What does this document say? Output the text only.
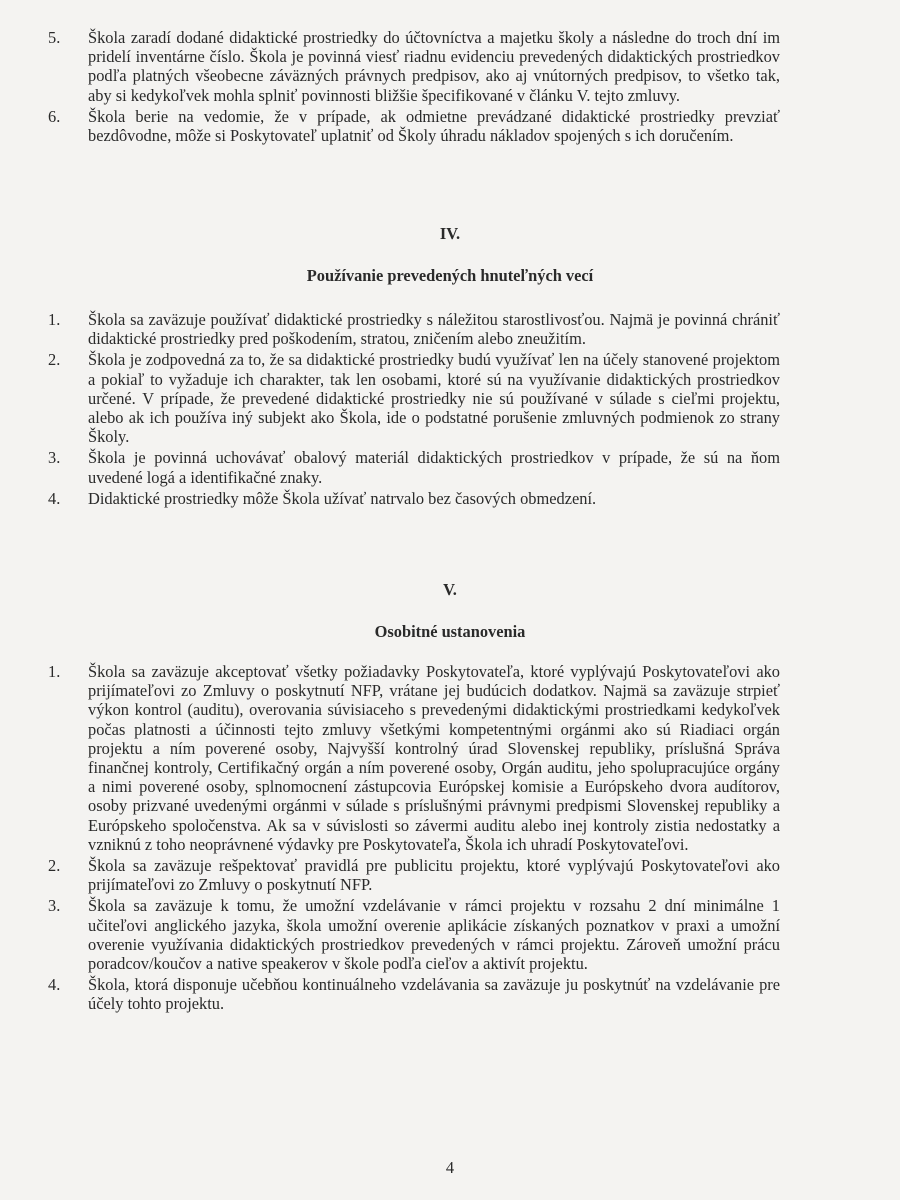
5. Škola zaradí dodané didaktické prostriedky do účtovníctva a majetku školy a následne do troch dní im pridelí inventárne číslo. Škola je povinná viesť riadnu evidenciu prevedených didaktických prostriedkov podľa platných všeobecne záväzných právnych predpisov, ako aj vnútorných predpisov, to všetko tak, aby si kedykoľvek mohla splniť povinnosti bližšie špecifikované v článku V. tejto zmluvy.
6. Škola berie na vedomie, že v prípade, ak odmietne prevádzané didaktické prostriedky prevziať bezdôvodne, môže si Poskytovateľ uplatniť od Školy úhradu nákladov spojených s ich doručením.
IV.
Používanie prevedených hnuteľných vecí
1. Škola sa zaväzuje používať didaktické prostriedky s náležitou starostlivosťou. Najmä je povinná chrániť didaktické prostriedky pred poškodením, stratou, zničením alebo zneužitím.
2. Škola je zodpovedná za to, že sa didaktické prostriedky budú využívať len na účely stanovené projektom a pokiaľ to vyžaduje ich charakter, tak len osobami, ktoré sú na využívanie didaktických prostriedkov určené. V prípade, že prevedené didaktické prostriedky nie sú používané v súlade s cieľmi projektu, alebo ak ich používa iný subjekt ako Škola, ide o podstatné porušenie zmluvných podmienok zo strany Školy.
3. Škola je povinná uchovávať obalový materiál didaktických prostriedkov v prípade, že sú na ňom uvedené logá a identifikačné znaky.
4. Didaktické prostriedky môže Škola užívať natrvalo bez časových obmedzení.
V.
Osobitné ustanovenia
1. Škola sa zaväzuje akceptovať všetky požiadavky Poskytovateľa, ktoré vyplývajú Poskytovateľovi ako prijímateľovi zo Zmluvy o poskytnutí NFP, vrátane jej budúcich dodatkov. Najmä sa zaväzuje strpieť výkon kontrol (auditu), overovania súvisiaceho s prevedenými didaktickými prostriedkami kedykoľvek počas platnosti a účinnosti tejto zmluvy všetkými kompetentnými orgánmi ako sú Riadiaci orgán projektu a ním poverené osoby, Najvyšší kontrolný úrad Slovenskej republiky, príslušná Správa finančnej kontroly, Certifikačný orgán a ním poverené osoby, Orgán auditu, jeho spolupracujúce orgány a nimi poverené osoby, splnomocnení zástupcovia Európskej komisie a Európskeho dvora audítorov, osoby prizvané uvedenými orgánmi v súlade s príslušnými právnymi predpismi Slovenskej republiky a Európskeho spoločenstva. Ak sa v súvislosti so závermi auditu alebo inej kontroly zistia nedostatky a vzniknú z toho neoprávnené výdavky pre Poskytovateľa, Škola ich uhradí Poskytovateľovi.
2. Škola sa zaväzuje rešpektovať pravidlá pre publicitu projektu, ktoré vyplývajú Poskytovateľovi ako prijímateľovi zo Zmluvy o poskytnutí NFP.
3. Škola sa zaväzuje k tomu, že umožní vzdelávanie v rámci projektu v rozsahu 2 dní minimálne 1 učiteľovi anglického jazyka, škola umožní overenie aplikácie získaných poznatkov v praxi a umožní overenie využívania didaktických prostriedkov prevedených v rámci projektu. Zároveň umožní prácu poradcov/koučov a native speakerov v škole podľa cieľov a aktivít projektu.
4. Škola, ktorá disponuje učebňou kontinuálneho vzdelávania sa zaväzuje ju poskytnúť na vzdelávanie pre účely tohto projektu.
4
